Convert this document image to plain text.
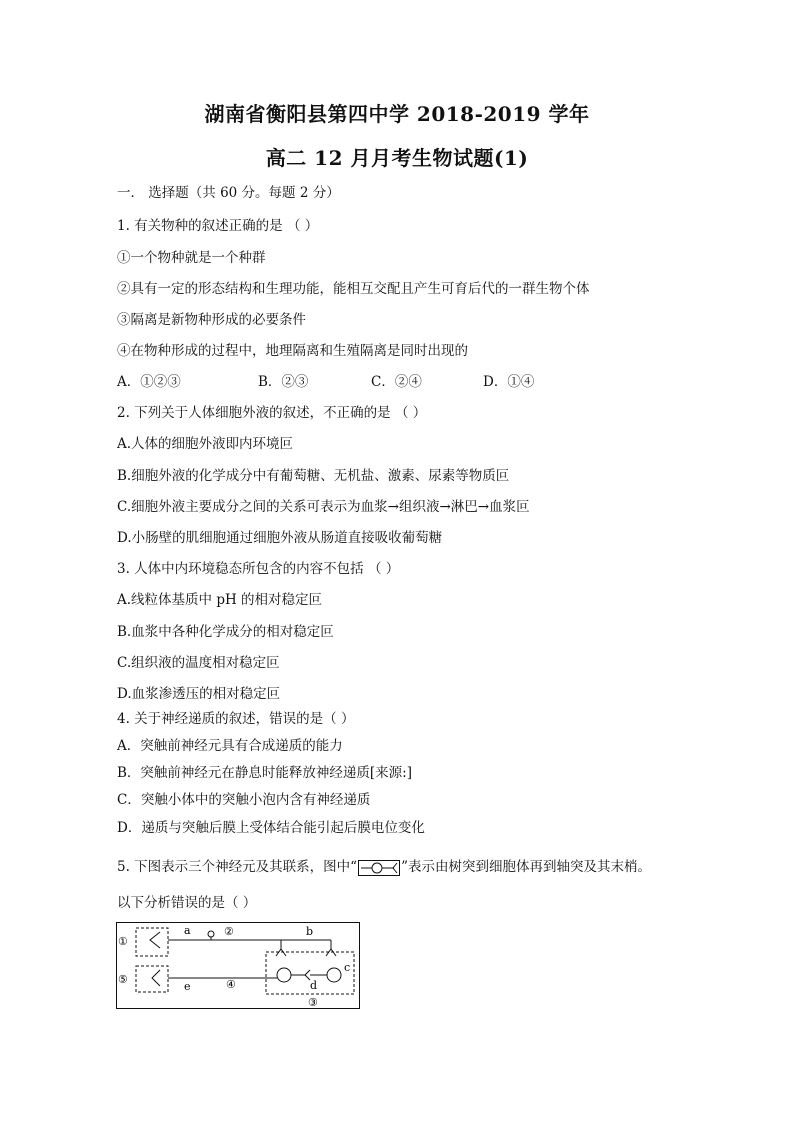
湖南省衡阳县第四中学 2018-2019 学年
高二 12 月月考生物试题(1)
一． 选择题（共 60 分。每题 2 分）
1. 有关物种的叙述正确的是 （ ）
①一个物种就是一个种群
②具有一定的形态结构和生理功能，能相互交配且产生可育后代的一群生物个体
③隔离是新物种形成的必要条件
④在物种形成的过程中，地理隔离和生殖隔离是同时出现的
A．①②③	B．②③	C．②④	D．①④
2. 下列关于人体细胞外液的叙述，不正确的是 （ ）
A.人体的细胞外液即内环境叵
B.细胞外液的化学成分中有葡萄糖、无机盐、激素、尿素等物质叵
C.细胞外液主要成分之间的关系可表示为血浆→组织液→淋巴→血浆叵
D.小肠壁的肌细胞通过细胞外液从肠道直接吸收葡萄糖
3. 人体中内环境稳态所包含的内容不包括 （ ）
A.线粒体基质中 pH 的相对稳定叵
B.血浆中各种化学成分的相对稳定叵
C.组织液的温度相对稳定叵
D.血浆渗透压的相对稳定叵
4. 关于神经递质的叙述，错误的是（ ）
A．突触前神经元具有合成递质的能力
B．突触前神经元在静息时能释放神经递质[来源:]
C．突触小体中的突触小泡内含有神经递质
D．递质与突触后膜上受体结合能引起后膜电位变化
5. 下图表示三个神经元及其联系，图中“	”表示由树突到细胞体再到轴突及其末梢。
以下分析错误的是（ ）
①
a	②	b
c
d
⑤
e	④
③
